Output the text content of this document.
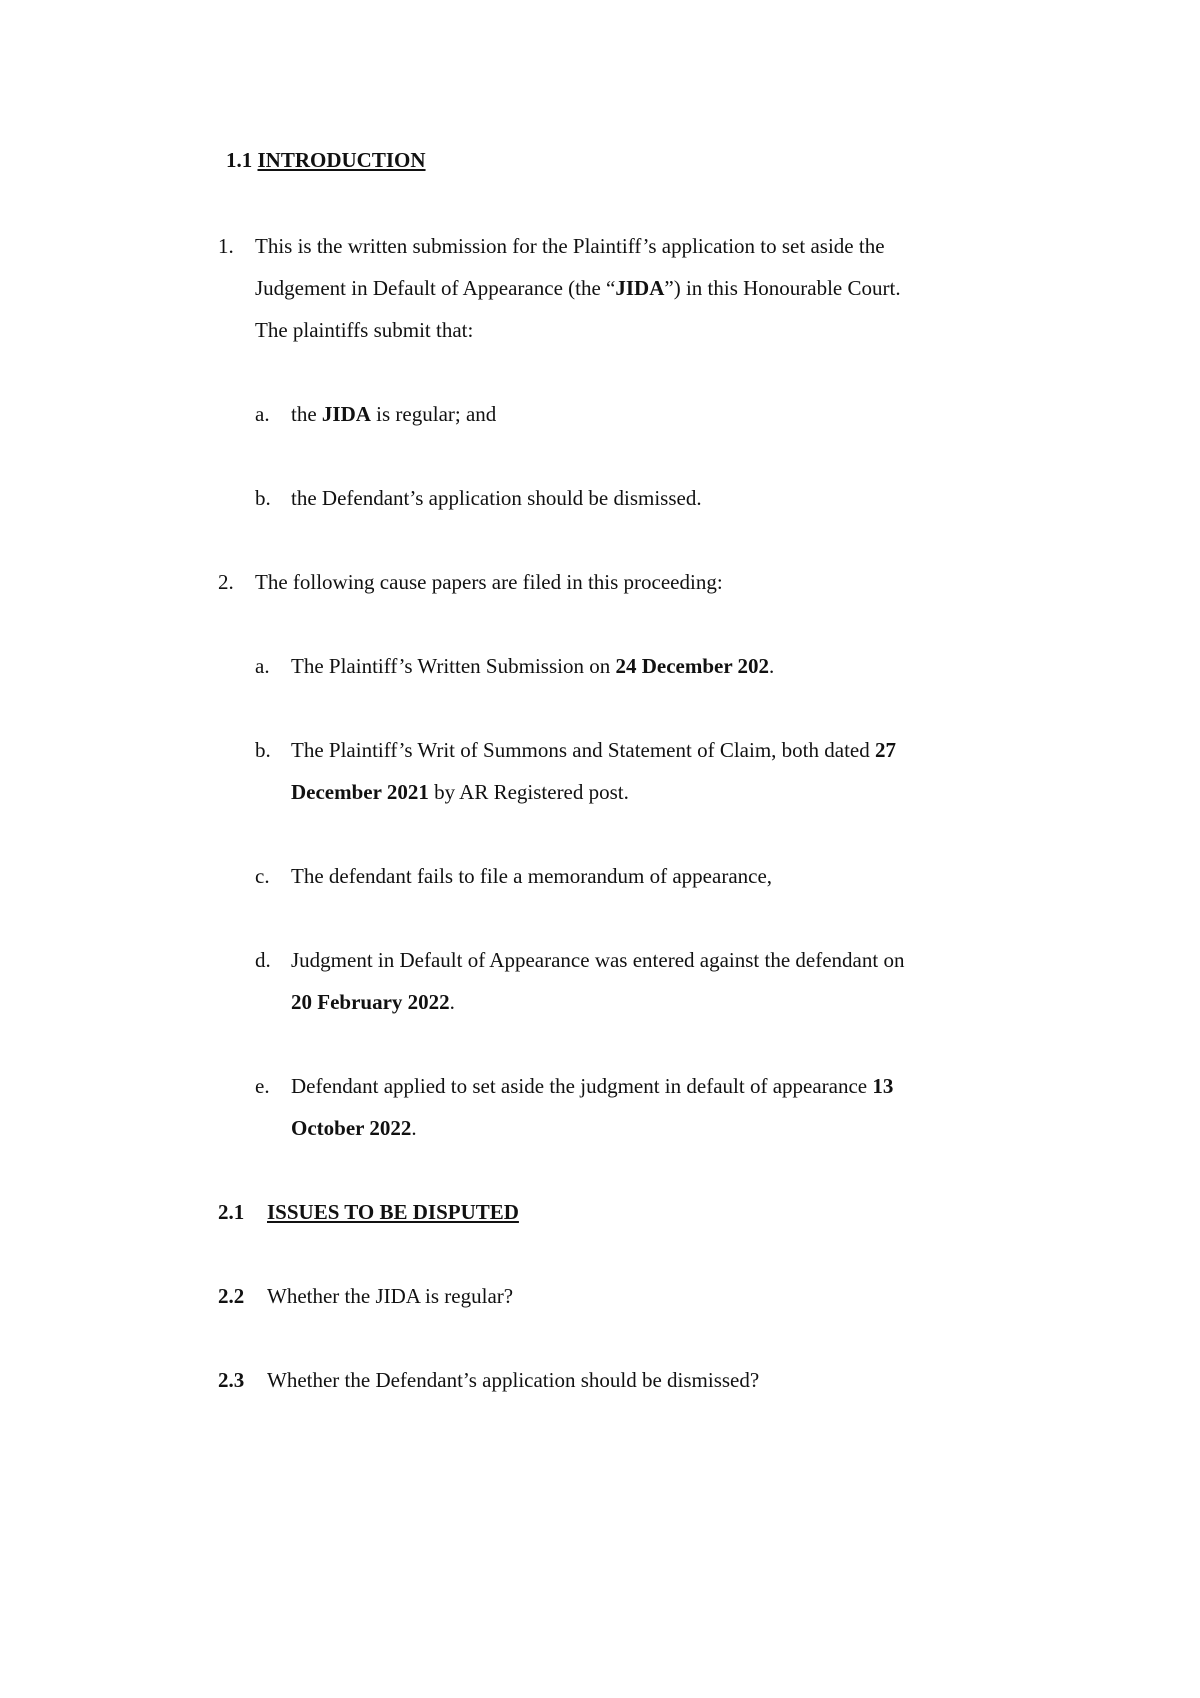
1.1 INTRODUCTION
1. This is the written submission for the Plaintiff’s application to set aside the
Judgement in Default of Appearance (the “JIDA”) in this Honourable Court.
The plaintiffs submit that:
a. the JIDA is regular; and
b. the Defendant’s application should be dismissed.
2. The following cause papers are filed in this proceeding:
a. The Plaintiff’s Written Submission on 24 December 202.
b. The Plaintiff’s Writ of Summons and Statement of Claim, both dated 27
December 2021 by AR Registered post.
c. The defendant fails to file a memorandum of appearance,
d. Judgment in Default of Appearance was entered against the defendant on
20 February 2022.
e. Defendant applied to set aside the judgment in default of appearance 13
October 2022.
2.1 ISSUES TO BE DISPUTED
2.2 Whether the JIDA is regular?
2.3 Whether the Defendant’s application should be dismissed?
